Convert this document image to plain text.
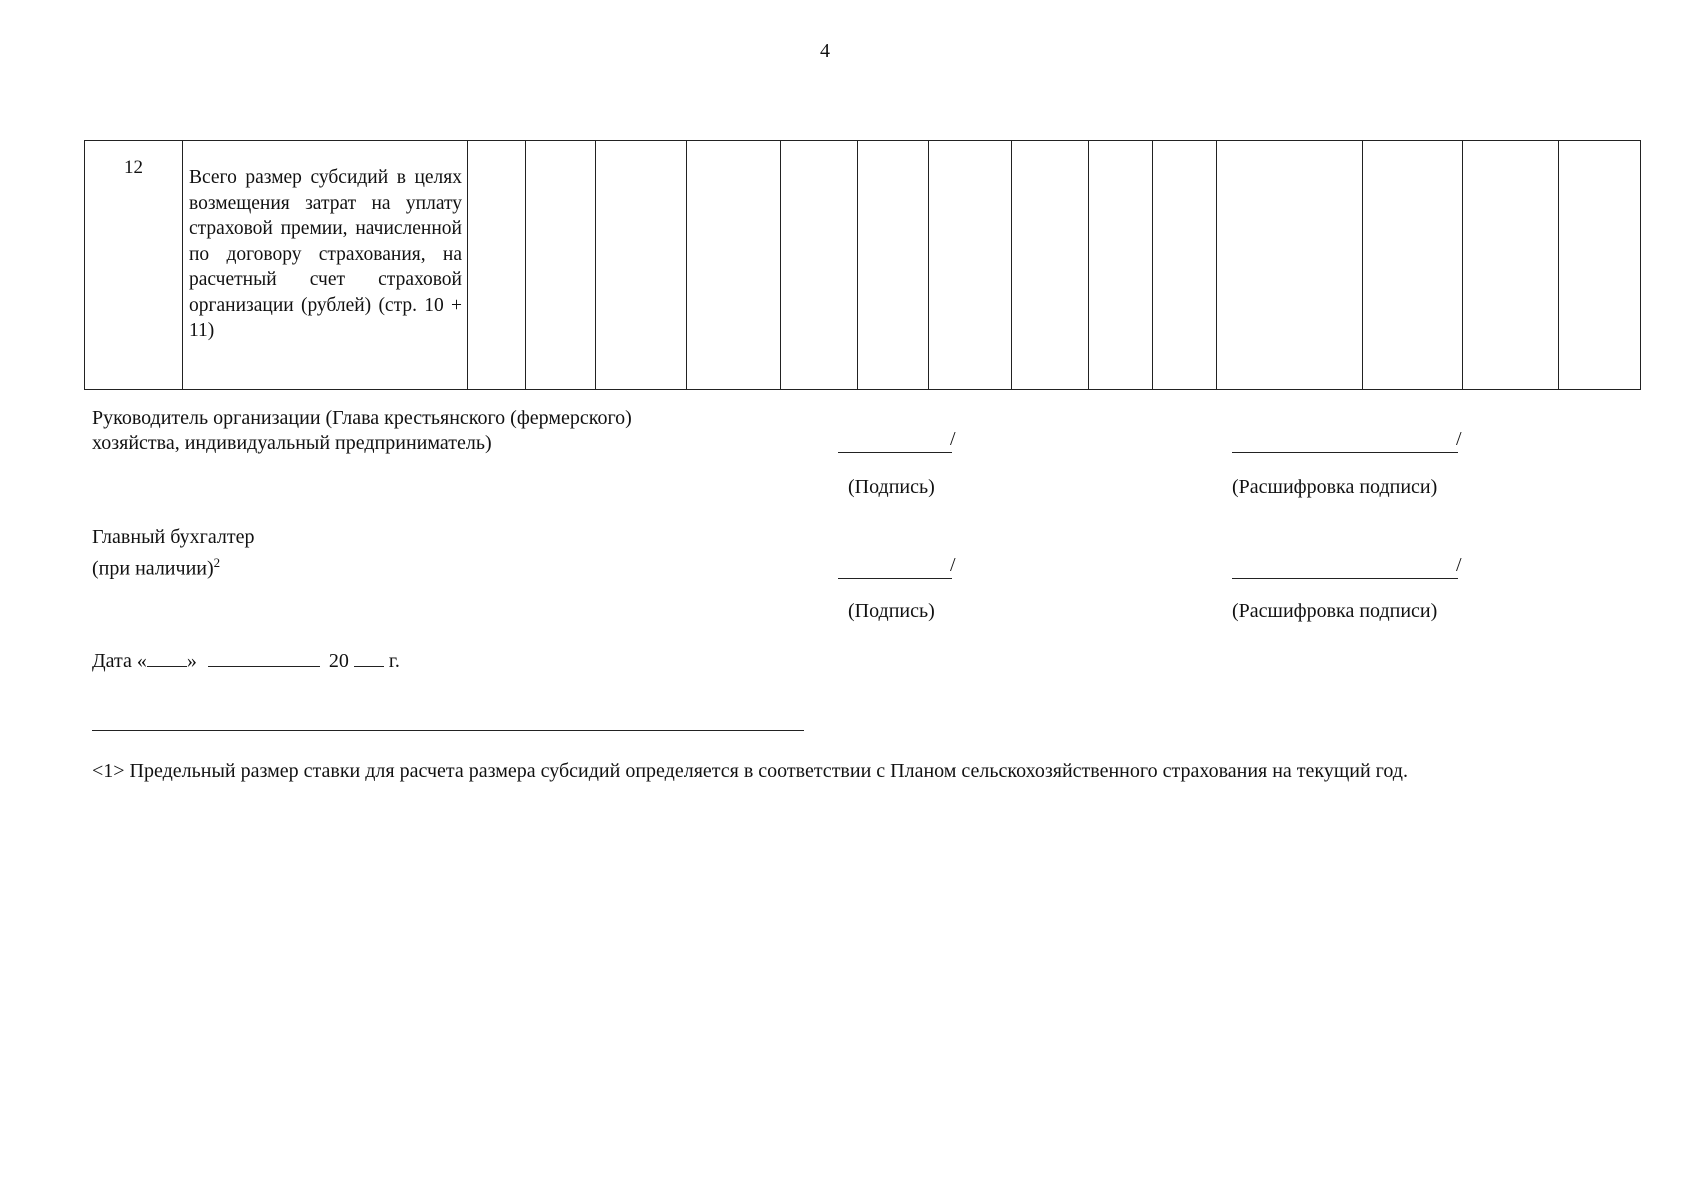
4
12	Всего размер субсидий в целях возмещения затрат на уплату страховой премии, начисленной по договору страхования, на расчетный счет страховой организации (рублей) (стр. 10 + 11)														
Руководитель организации (Глава крестьянского (фермерского)
хозяйства, индивидуальный предприниматель)	/	/
(Подпись)	(Расшифровка подписи)
Главный бухгалтер
(при наличии)$^2$	/	/
(Подпись)	(Расшифровка подписи)
Дата « »	20 г.
<1> Предельный размер ставки для расчета размера субсидий определяется в соответствии с Планом сельскохозяйственного страхования на текущий год.
